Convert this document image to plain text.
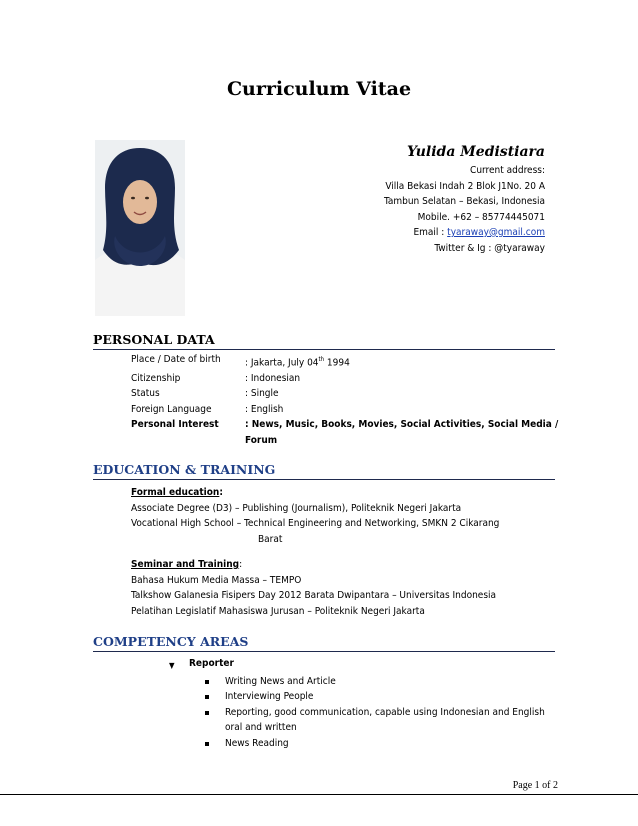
Curriculum Vitae
Yulida Medistiara
Current address:
Villa Bekasi Indah 2 Blok J1No. 20 A
Tambun Selatan – Bekasi, Indonesia
Mobile. +62 – 85774445071
Email : tyaraway@gmail.com
Twitter & Ig : @tyaraway
PERSONAL DATA
Place / Date of birth	: Jakarta, July 04th 1994
Citizenship	: Indonesian
Status	: Single
Foreign Language	: English
Personal Interest	: News, Music, Books, Movies, Social Activities, Social Media / Forum
EDUCATION & TRAINING
Formal education:
Associate Degree (D3) – Publishing (Journalism), Politeknik Negeri Jakarta
Vocational High School – Technical Engineering and Networking, SMKN 2 Cikarang
Barat
Seminar and Training:
Bahasa Hukum Media Massa – TEMPO
Talkshow Galanesia Fisipers Day 2012 Barata Dwipantara – Universitas Indonesia
Pelatihan Legislatif Mahasiswa Jurusan – Politeknik Negeri Jakarta
COMPETENCY AREAS
▼	Reporter
Writing News and Article
Interviewing People
Reporting, good communication, capable using Indonesian and English oral and written
News Reading
Page 1 of 2
